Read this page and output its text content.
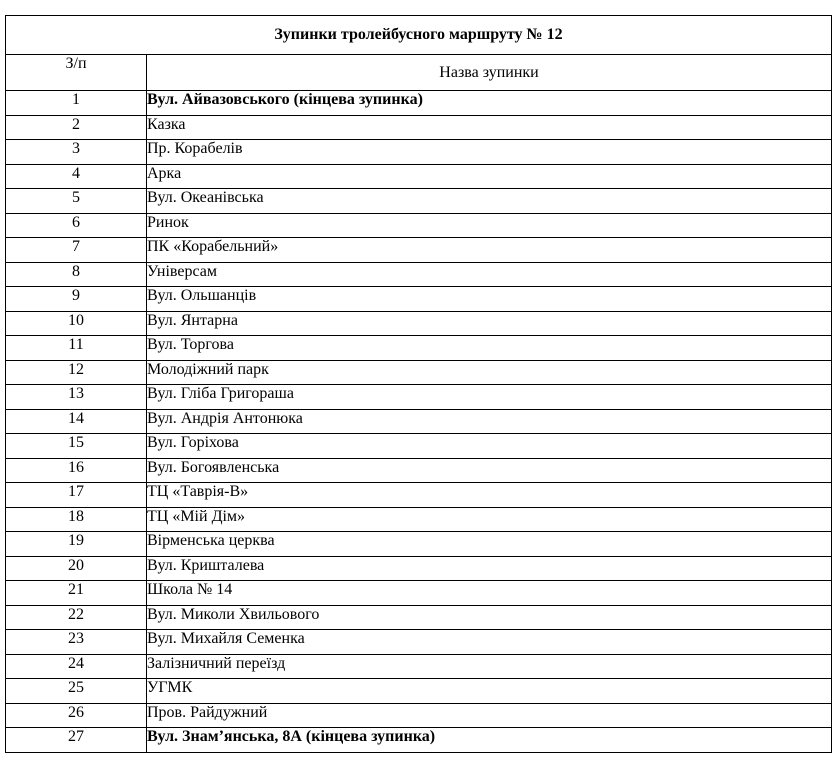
Зупинки тролейбусного маршруту № 12	
З/п	Назва зупинки
1	Вул. Айвазовського (кінцева зупинка)
2	Казка
3	Пр. Корабелів
4	Арка
5	Вул. Океанівська
6	Ринок
7	ПК «Корабельний»
8	Універсам
9	Вул. Ольшанців
10	Вул. Янтарна
11	Вул. Торгова
12	Молодіжний парк
13	Вул. Гліба Григораша
14	Вул. Андрія Антонюка
15	Вул. Горіхова
16	Вул. Богоявленська
17	ТЦ «Таврія-В»
18	ТЦ «Мій Дім»
19	Вірменська церква
20	Вул. Кришталева
21	Школа № 14
22	Вул. Миколи Хвильового
23	Вул. Михайля Семенка
24	Залізничний переїзд
25	УГМК
26	Пров. Райдужний
27	Вул. Знам’янська, 8А (кінцева зупинка)
